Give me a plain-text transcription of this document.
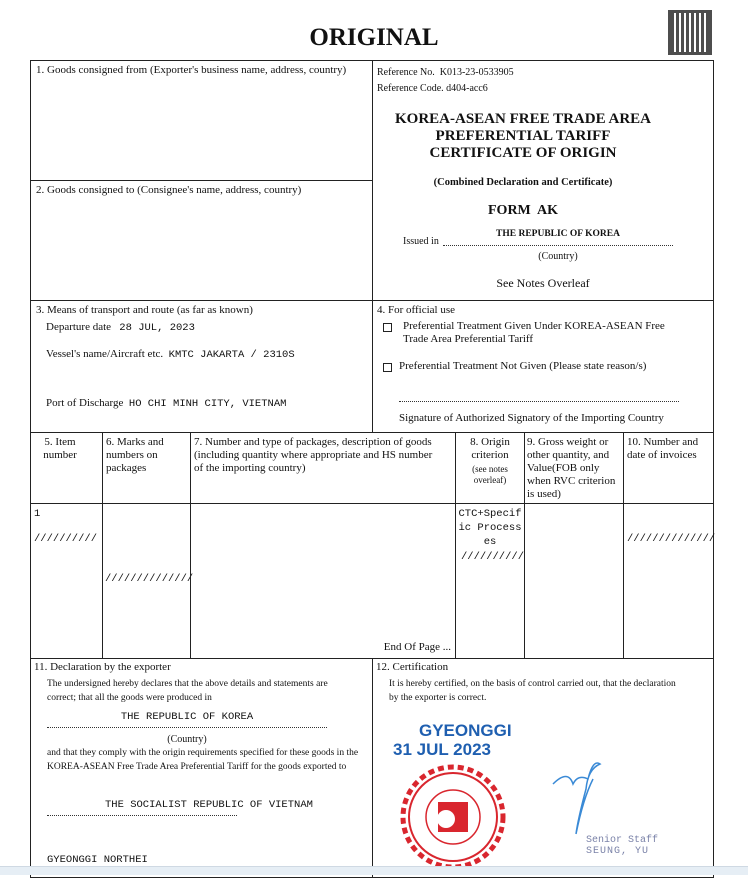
ORIGINAL
1. Goods consigned from (Exporter's business name, address, country)
2. Goods consigned to (Consignee's name, address, country)
Reference No. K013-23-0533905
Reference Code. d404-acc6
KOREA-ASEAN FREE TRADE AREA
PREFERENTIAL TARIFF
CERTIFICATE OF ORIGIN
(Combined Declaration and Certificate)
FORM  AK
Issued in
THE REPUBLIC OF KOREA
(Country)
See Notes Overleaf
3. Means of transport and route (as far as known)
Departure date 28 JUL, 2023
Vessel's name/Aircraft etc. KMTC JAKARTA / 2310S
Port of Discharge HO CHI MINH CITY, VIETNAM
4. For official use
Preferential Treatment Given Under KOREA-ASEAN Free Trade Area Preferential Tariff
Preferential Treatment Not Given (Please state reason/s)
Signature of Authorized Signatory of the Importing Country
5. Item number
1
//////////
6. Marks and numbers on packages
//////////////
7. Number and type of packages, description of goods (including quantity where appropriate and HS number of the importing country)
End Of Page ...
8. Origin criterion
(see notes overleaf)
CTC+Specif ic Processes
//////////
9. Gross weight or other quantity, and Value(FOB only when RVC criterion is used)
10. Number and date of invoices
//////////////
11. Declaration by the exporter
The undersigned hereby declares that the above details and statements are correct; that all the goods were produced in
THE REPUBLIC OF KOREA
(Country)
and that they comply with the origin requirements specified for these goods in the KOREA-ASEAN Free Trade Area Preferential Tariff for the goods exported to
THE SOCIALIST REPUBLIC OF VIETNAM
GYEONGGI NORTHEI
12. Certification
It is hereby certified, on the basis of control carried out, that the declaration by the exporter is correct.
GYEONGGI
31 JUL 2023
Senior Staff
SEUNG, YU
